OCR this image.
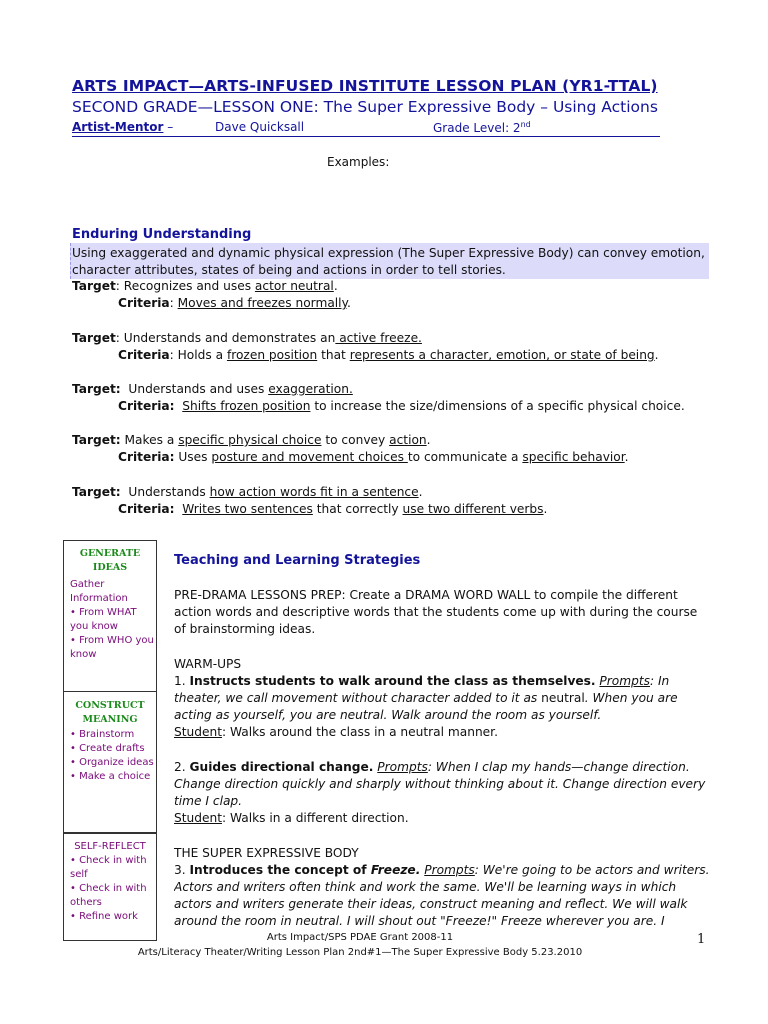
ARTS IMPACT—ARTS-INFUSED INSTITUTE LESSON PLAN (YR1-TTAL)
SECOND GRADE—LESSON ONE: The Super Expressive Body – Using Actions
Artist-Mentor –	Dave Quicksall	Grade Level: 2nd
Examples:
Enduring Understanding
Using exaggerated and dynamic physical expression (The Super Expressive Body) can convey emotion, character attributes, states of being and actions in order to tell stories.
Target: Recognizes and uses actor neutral.
Criteria: Moves and freezes normally.
Target: Understands and demonstrates an active freeze.
Criteria: Holds a frozen position that represents a character, emotion, or state of being.
Target:  Understands and uses exaggeration.
Criteria: Shifts frozen position to increase the size/dimensions of a specific physical choice.
Target: Makes a specific physical choice to convey action.
Criteria: Uses posture and movement choices to communicate a specific behavior.
Target:  Understands how action words fit in a sentence.
Criteria: Writes two sentences that correctly use two different verbs.
GENERATE IDEAS
Gather Information
• From WHAT you know
• From WHO you know
CONSTRUCT MEANING
• Brainstorm
• Create drafts
• Organize ideas
• Make a choice
SELF-REFLECT
• Check in with self
• Check in with others
• Refine work
Teaching and Learning Strategies
PRE-DRAMA LESSONS PREP: Create a DRAMA WORD WALL to compile the different action words and descriptive words that the students come up with during the course of brainstorming ideas.
WARM-UPS
1. Instructs students to walk around the class as themselves. Prompts: In theater, we call movement without character added to it as neutral. When you are acting as yourself, you are neutral. Walk around the room as yourself.
Student: Walks around the class in a neutral manner.
2. Guides directional change. Prompts: When I clap my hands—change direction. Change direction quickly and sharply without thinking about it. Change direction every time I clap.
Student: Walks in a different direction.
THE SUPER EXPRESSIVE BODY
3. Introduces the concept of Freeze. Prompts: We're going to be actors and writers. Actors and writers often think and work the same. We'll be learning ways in which actors and writers generate their ideas, construct meaning and reflect. We will walk around the room in neutral. I will shout out "Freeze!" Freeze wherever you are. I
Arts Impact/SPS PDAE Grant 2008-11
Arts/Literacy Theater/Writing Lesson Plan 2nd#1—The Super Expressive Body 5.23.2010
1
